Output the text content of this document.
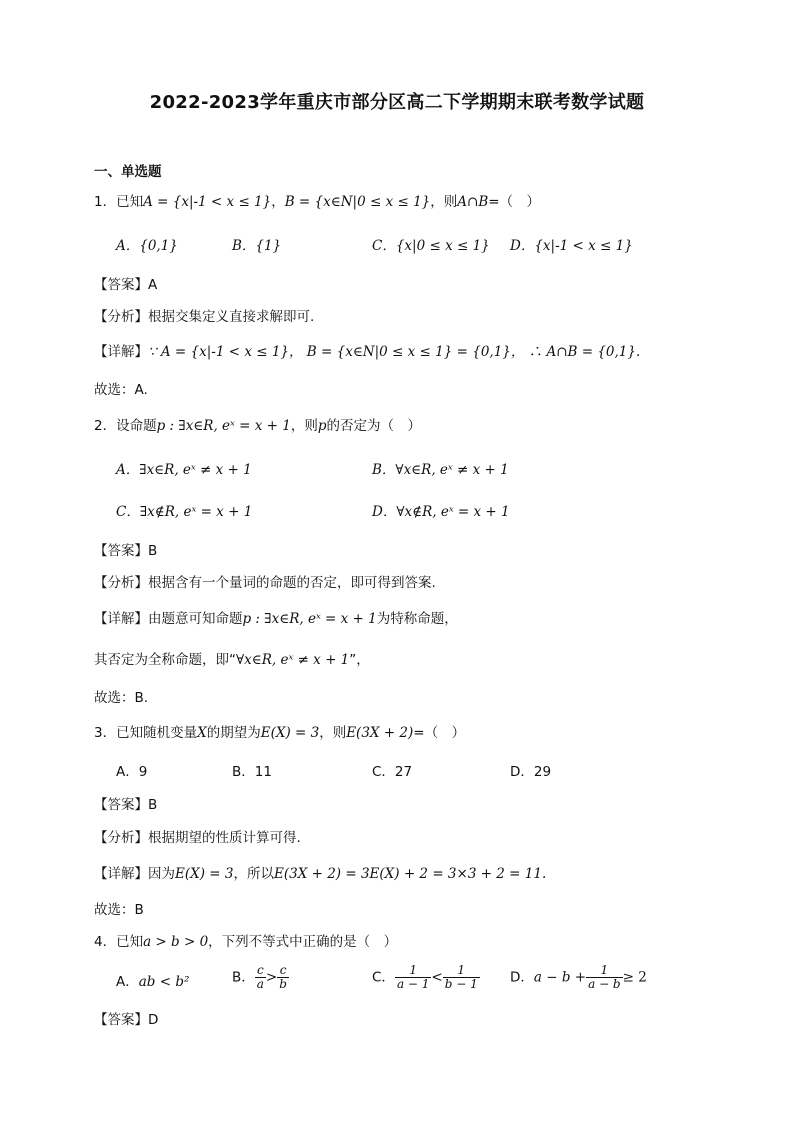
2022-2023学年重庆市部分区高二下学期期末联考数学试题
一、单选题
1．已知A = {x|-1 < x ≤ 1}，B = {x∈N|0 ≤ x ≤ 1}，则A∩B=（　）
A．{0,1}	B．{1}	C．{x|0 ≤ x ≤ 1} D．{x|-1 < x ≤ 1}
【答案】A
【分析】根据交集定义直接求解即可.
【详解】∵ A = {x|-1 < x ≤ 1}， B = {x∈N|0 ≤ x ≤ 1} = {0,1}， ∴ A∩B = {0,1}.
故选：A.
2．设命题p : ∃x∈R, eˣ = x + 1，则p的否定为（　）
A．∃x∈R, eˣ ≠ x + 1	B．∀x∈R, eˣ ≠ x + 1
C．∃x∉R, eˣ = x + 1	D．∀x∉R, eˣ = x + 1
【答案】B
【分析】根据含有一个量词的命题的否定，即可得到答案.
【详解】由题意可知命题p : ∃x∈R, eˣ = x + 1为特称命题，
其否定为全称命题，即“∀x∈R, eˣ ≠ x + 1”，
故选：B.
3．已知随机变量X的期望为E(X) = 3，则E(3X + 2)=（　）
A．9	B．11	C．27	D．29
【答案】B
【分析】根据期望的性质计算可得.
【详解】因为E(X) = 3，所以E(3X + 2) = 3E(X) + 2 = 3×3 + 2 = 11.
故选：B
4．已知a > b > 0，下列不等式中正确的是（　）
A．ab < b²	B． $\frac{c}{a} > \frac{c}{b}$	C． $\frac{1}{a - 1} < \frac{1}{b - 1}$ D．$a - b + \frac{1}{a - b} \ge 2$
【答案】D
